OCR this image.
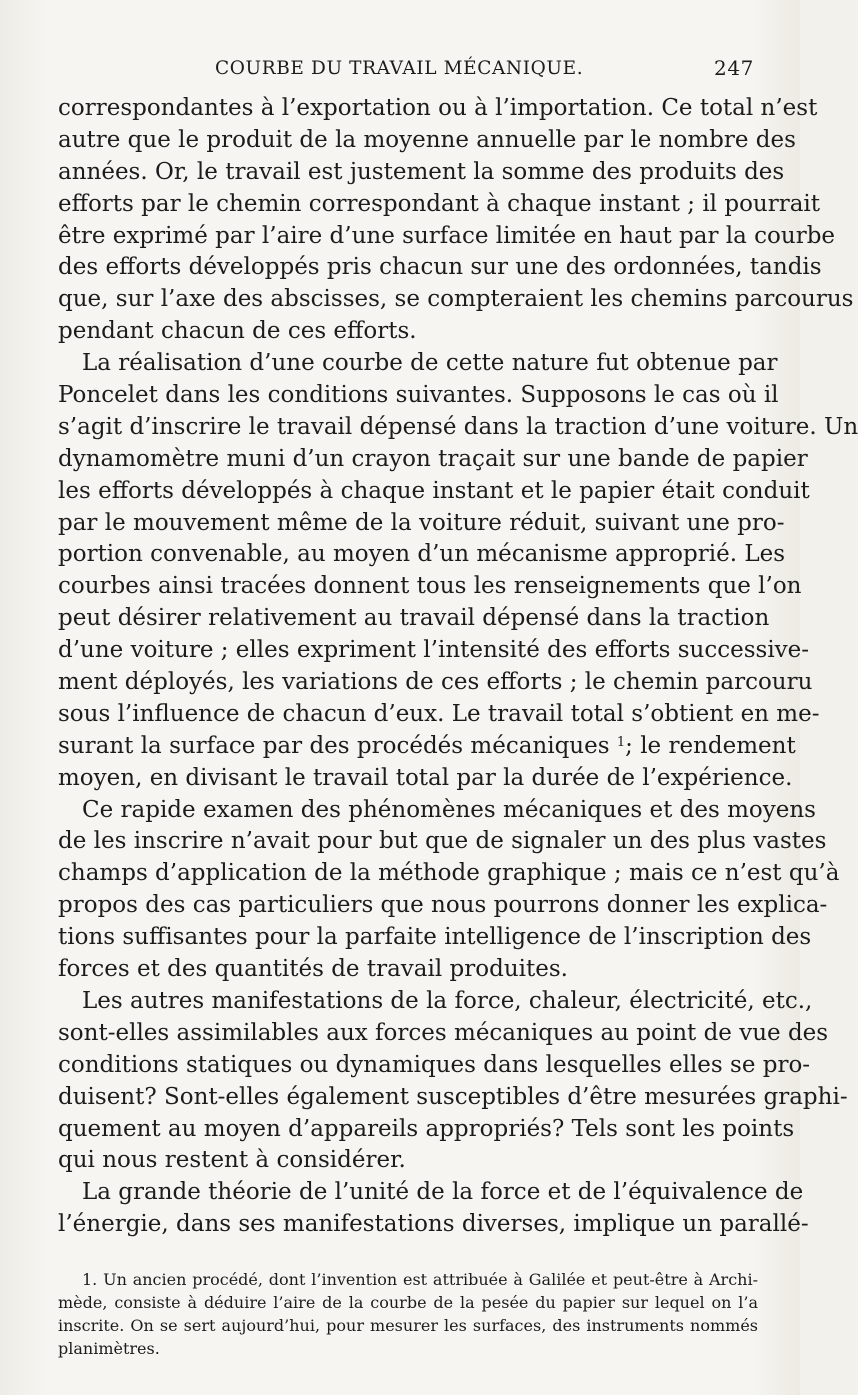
COURBE DU TRAVAIL MÉCANIQUE.	247
correspondantes à l’exportation ou à l’importation. Ce total n’est
autre que le produit de la moyenne annuelle par le nombre des
années. Or, le travail est justement la somme des produits des
efforts par le chemin correspondant à chaque instant ; il pourrait
être exprimé par l’aire d’une surface limitée en haut par la courbe
des efforts développés pris chacun sur une des ordonnées, tandis
que, sur l’axe des abscisses, se compteraient les chemins parcourus
pendant chacun de ces efforts.
La réalisation d’une courbe de cette nature fut obtenue par
Poncelet dans les conditions suivantes. Supposons le cas où il
s’agit d’inscrire le travail dépensé dans la traction d’une voiture. Un
dynamomètre muni d’un crayon traçait sur une bande de papier
les efforts développés à chaque instant et le papier était conduit
par le mouvement même de la voiture réduit, suivant une pro-
portion convenable, au moyen d’un mécanisme approprié. Les
courbes ainsi tracées donnent tous les renseignements que l’on
peut désirer relativement au travail dépensé dans la traction
d’une voiture ; elles expriment l’intensité des efforts successive-
ment déployés, les variations de ces efforts ; le chemin parcouru
sous l’influence de chacun d’eux. Le travail total s’obtient en me-
surant la surface par des procédés mécaniques $^1$; le rendement
moyen, en divisant le travail total par la durée de l’expérience.
Ce rapide examen des phénomènes mécaniques et des moyens
de les inscrire n’avait pour but que de signaler un des plus vastes
champs d’application de la méthode graphique ; mais ce n’est qu’à
propos des cas particuliers que nous pourrons donner les explica-
tions suffisantes pour la parfaite intelligence de l’inscription des
forces et des quantités de travail produites.
Les autres manifestations de la force, chaleur, électricité, etc.,
sont-elles assimilables aux forces mécaniques au point de vue des
conditions statiques ou dynamiques dans lesquelles elles se pro-
duisent? Sont-elles également susceptibles d’être mesurées graphi-
quement au moyen d’appareils appropriés? Tels sont les points
qui nous restent à considérer.
La grande théorie de l’unité de la force et de l’équivalence de
l’énergie, dans ses manifestations diverses, implique un parallé-
1. Un ancien procédé, dont l’invention est attribuée à Galilée et peut-être à Archi-
mède, consiste à déduire l’aire de la courbe de la pesée du papier sur lequel on l’a
inscrite. On se sert aujourd’hui, pour mesurer les surfaces, des instruments nommés
planimètres.
